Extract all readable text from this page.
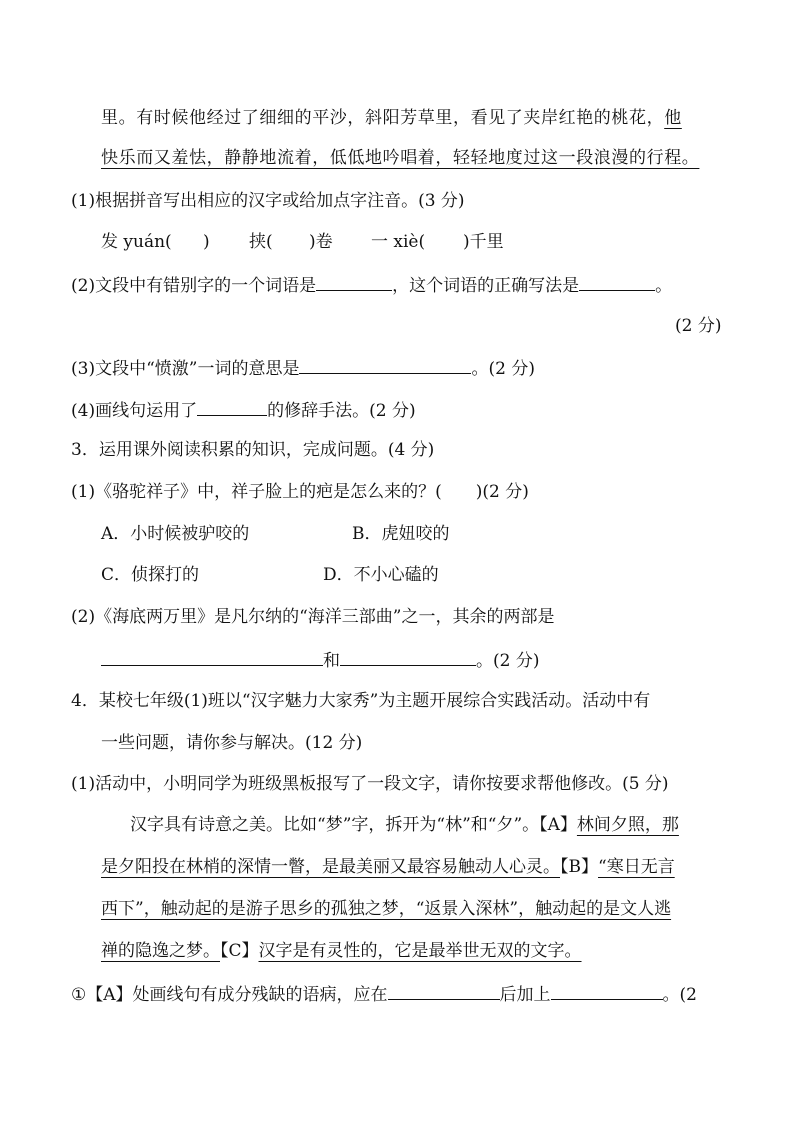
里。有时候他经过了细细的平沙，斜阳芳草里，看见了夹岸红艳的桃花，他
快乐而又羞怯，静静地流着，低低地吟唱着，轻轻地度过这一段浪漫的行程。
(1)根据拼音写出相应的汉字或给加点字注音。(3 分)
发 yuán( ) 挟( )卷 一 xiè( )千里
(2)文段中有错别字的一个词语是	，这个词语的正确写法是	。
(2 分)
(3)文段中“愤激”一词的意思是	。(2 分)
(4)画线句运用了	的修辞手法。(2 分)
3．运用课外阅读积累的知识，完成问题。(4 分)
(1)《骆驼祥子》中，祥子脸上的疤是怎么来的？(　　)(2 分)
A．小时候被驴咬的	B．虎妞咬的
C．侦探打的	D．不小心磕的
(2)《海底两万里》是凡尔纳的“海洋三部曲”之一，其余的两部是
和	。(2 分)
4．某校七年级(1)班以“汉字魅力大家秀”为主题开展综合实践活动。活动中有
一些问题，请你参与解决。(12 分)
(1)活动中，小明同学为班级黑板报写了一段文字，请你按要求帮他修改。(5 分)
汉字具有诗意之美。比如“梦”字，拆开为“林”和“夕”。【A】林间夕照，那
是夕阳投在林梢的深情一瞥，是最美丽又最容易触动人心灵。【B】“寒日无言
西下”，触动起的是游子思乡的孤独之梦，“返景入深林”，触动起的是文人逃
禅的隐逸之梦。【C】汉字是有灵性的，它是最举世无双的文字。
①【A】处画线句有成分残缺的语病，应在	后加上	。(2
